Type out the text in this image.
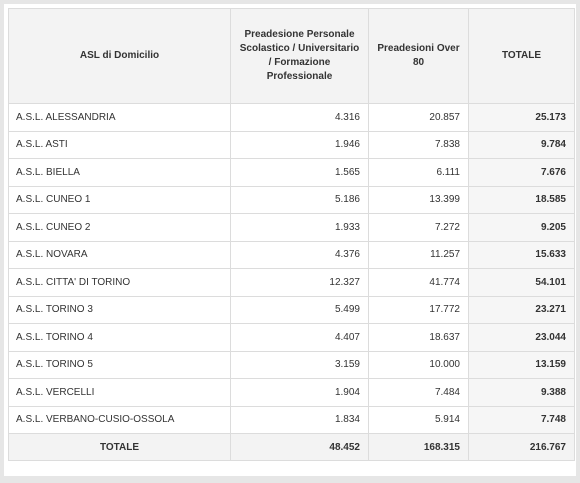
ASL di Domicilio	Preadesione Personale Scolastico / Universitario / Formazione Professionale	Preadesioni Over 80	TOTALE
A.S.L. ALESSANDRIA	4.316	20.857	25.173
A.S.L. ASTI	1.946	7.838	9.784
A.S.L. BIELLA	1.565	6.111	7.676
A.S.L. CUNEO 1	5.186	13.399	18.585
A.S.L. CUNEO 2	1.933	7.272	9.205
A.S.L. NOVARA	4.376	11.257	15.633
A.S.L. CITTA' DI TORINO	12.327	41.774	54.101
A.S.L. TORINO 3	5.499	17.772	23.271
A.S.L. TORINO 4	4.407	18.637	23.044
A.S.L. TORINO 5	3.159	10.000	13.159
A.S.L. VERCELLI	1.904	7.484	9.388
A.S.L. VERBANO-CUSIO-OSSOLA	1.834	5.914	7.748
TOTALE	48.452	168.315	216.767
